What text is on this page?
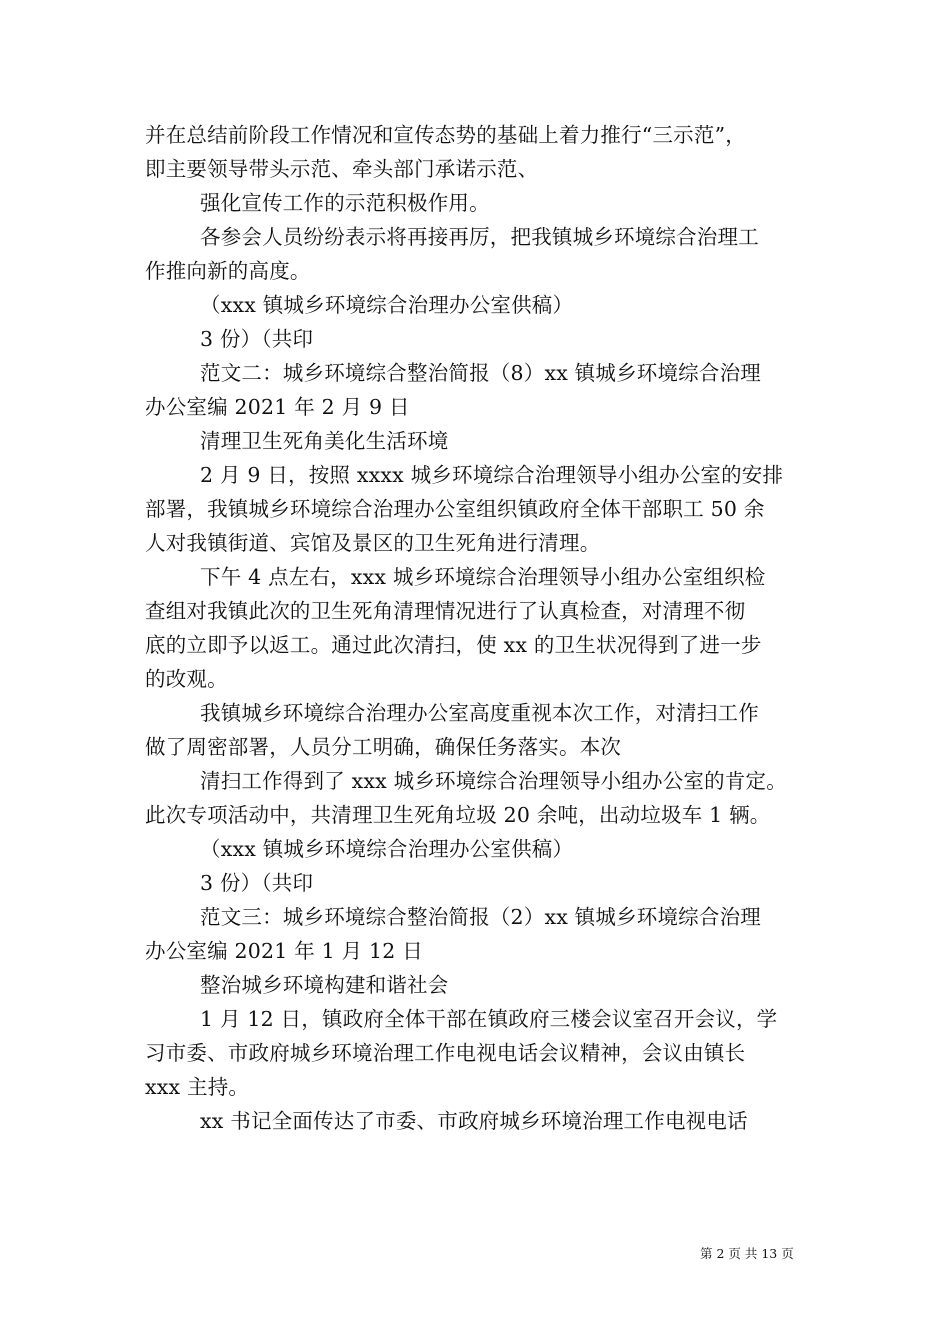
并在总结前阶段工作情况和宣传态势的基础上着力推行“三示范”，
即主要领导带头示范、牵头部门承诺示范、
强化宣传工作的示范积极作用。
各参会人员纷纷表示将再接再厉，把我镇城乡环境综合治理工
作推向新的高度。
（xxx 镇城乡环境综合治理办公室供稿）
3 份）（共印
范文二：城乡环境综合整治简报（8）xx 镇城乡环境综合治理
办公室编 2021 年 2 月 9 日
清理卫生死角美化生活环境
2 月 9 日，按照 xxxx 城乡环境综合治理领导小组办公室的安排
部署，我镇城乡环境综合治理办公室组织镇政府全体干部职工 50 余
人对我镇街道、宾馆及景区的卫生死角进行清理。
下午 4 点左右，xxx 城乡环境综合治理领导小组办公室组织检
查组对我镇此次的卫生死角清理情况进行了认真检查，对清理不彻
底的立即予以返工。通过此次清扫，使 xx 的卫生状况得到了进一步
的改观。
我镇城乡环境综合治理办公室高度重视本次工作，对清扫工作
做了周密部署，人员分工明确，确保任务落实。本次
清扫工作得到了 xxx 城乡环境综合治理领导小组办公室的肯定。
此次专项活动中，共清理卫生死角垃圾 20 余吨，出动垃圾车 1 辆。
（xxx 镇城乡环境综合治理办公室供稿）
3 份）（共印
范文三：城乡环境综合整治简报（2）xx 镇城乡环境综合治理
办公室编 2021 年 1 月 12 日
整治城乡环境构建和谐社会
1 月 12 日，镇政府全体干部在镇政府三楼会议室召开会议，学
习市委、市政府城乡环境治理工作电视电话会议精神，会议由镇长
xxx 主持。
xx 书记全面传达了市委、市政府城乡环境治理工作电视电话
第 2 页 共 13 页
